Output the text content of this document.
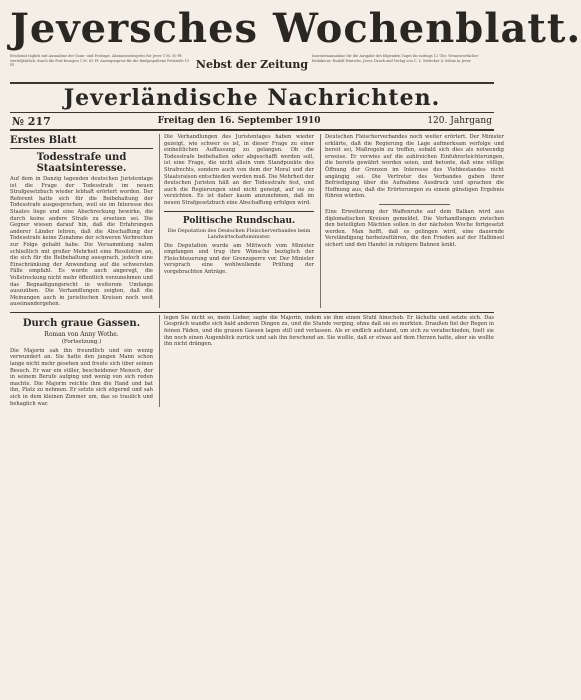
Jeversches Wochenblatt.
Erscheint täglich mit Ausnahme der Sonn- und Festtage. Abonnementspreis für Jever 1 M. 50 Pf. vierteljährlich, durch die Post bezogen 1 M. 65 Pf. Anzeigenpreis für die fünfgespaltene Petitzeile 10 Pf.	Nebst der Zeitung
Inseratenannahme für die Ausgabe des folgenden Tages bis mittags 12 Uhr. Verantwortlicher Redakteur: Rudolf Hinrichs, Jever. Druck und Verlag von C. L. Mettcker & Söhne in Jever.
Jeverländische Nachrichten.
№ 217	Freitag den 16. September 1910	120. Jahrgang
Erstes Blatt
Todesstrafe und Staatsinteresse.
Auf dem in Danzig tagenden deutschen Juristentage ist die Frage der Todesstrafe im neuen Strafgesetzbuch wieder lebhaft erörtert worden. Der Referent hatte sich für die Beibehaltung der Todesstrafe ausgesprochen, weil sie im Interesse des Staates liege und eine Abschreckung bewirke, die durch keine andere Strafe zu ersetzen sei. Die Gegner wiesen darauf hin, daß die Erfahrungen anderer Länder lehren, daß die Abschaffung der Todesstrafe keine Zunahme der schweren Verbrechen zur Folge gehabt habe. Die Versammlung nahm schließlich mit großer Mehrheit eine Resolution an, die sich für die Beibehaltung aussprach, jedoch eine Einschränkung der Anwendung auf die schwersten Fälle empfahl. Es wurde auch angeregt, die Vollstreckung nicht mehr öffentlich vorzunehmen und das Begnadigungsrecht in weiterem Umfange auszuüben. Die Verhandlungen zeigten, daß die Meinungen auch in juristischen Kreisen noch weit auseinandergehen.
Die Verhandlungen des Juristentages haben wieder gezeigt, wie schwer es ist, in dieser Frage zu einer einheitlichen Auffassung zu gelangen. Ob die Todesstrafe beibehalten oder abgeschafft werden soll, ist eine Frage, die nicht allein vom Standpunkte des Strafrechts, sondern auch von dem der Moral und der Staatsraison entschieden werden muß. Die Mehrheit der deutschen Juristen hält an der Todesstrafe fest, und auch die Regierungen sind nicht geneigt, auf sie zu verzichten. Es ist daher kaum anzunehmen, daß im neuen Strafgesetzbuch eine Abschaffung erfolgen wird.
Politische Rundschau.
Die Deputation des Deutschen Fleischerverbandes beim Landwirtschaftsminister.
Die Deputation wurde am Mittwoch vom Minister empfangen und trug ihre Wünsche bezüglich der Fleischteuerung und der Grenzsperre vor. Der Minister versprach eine wohlwollende Prüfung der vorgebrachten Anträge.
Deutschen Fleischerverbandes noch weiter erörtert. Der Minister erklärte, daß die Regierung die Lage aufmerksam verfolge und bereit sei, Maßregeln zu treffen, sobald sich dies als notwendig erweise. Er verwies auf die zahlreichen Einfuhrerleichterungen, die bereits gewährt worden seien, und betonte, daß eine völlige Öffnung der Grenzen im Interesse des Viehbestandes nicht angängig sei. Die Vertreter des Verbandes gaben ihrer Befriedigung über die Aufnahme Ausdruck und sprachen die Hoffnung aus, daß die Erörterungen zu einem günstigen Ergebnis führen würden.
Eine Erweiterung der Waffenruhe auf dem Balkan wird aus diplomatischen Kreisen gemeldet. Die Verhandlungen zwischen den beteiligten Mächten sollen in der nächsten Woche fortgesetzt werden. Man hofft, daß es gelingen wird, eine dauernde Verständigung herbeizuführen, die den Frieden auf der Halbinsel sichert und den Handel in ruhigere Bahnen lenkt.
Durch graue Gassen.
Roman von Anny Wothe.
(Fortsetzung.)
Die Majorin sah ihn freundlich und ein wenig verwundert an. Sie hatte den jungen Mann schon lange nicht mehr gesehen und freute sich über seinen Besuch. Er war ein stiller, bescheidener Mensch, der in seinem Berufe aufging und wenig von sich reden machte. Die Majorin reichte ihm die Hand und bat ihn, Platz zu nehmen. Er setzte sich zögernd und sah sich in dem kleinen Zimmer um, das so traulich und behaglich war.
legen Sie nicht so, mein Lieber, sagte die Majorin, indem sie ihm einen Stuhl hinschob. Er lächelte und setzte sich. Das Gespräch wandte sich bald anderen Dingen zu, und die Stunde verging, ohne daß sie es merkten. Draußen fiel der Regen in feinen Fäden, und die grauen Gassen lagen still und verlassen. Als er endlich aufstand, um sich zu verabschieden, hielt sie ihn noch einen Augenblick zurück und sah ihn forschend an. Sie wußte, daß er etwas auf dem Herzen hatte, aber sie wollte ihn nicht drängen.
